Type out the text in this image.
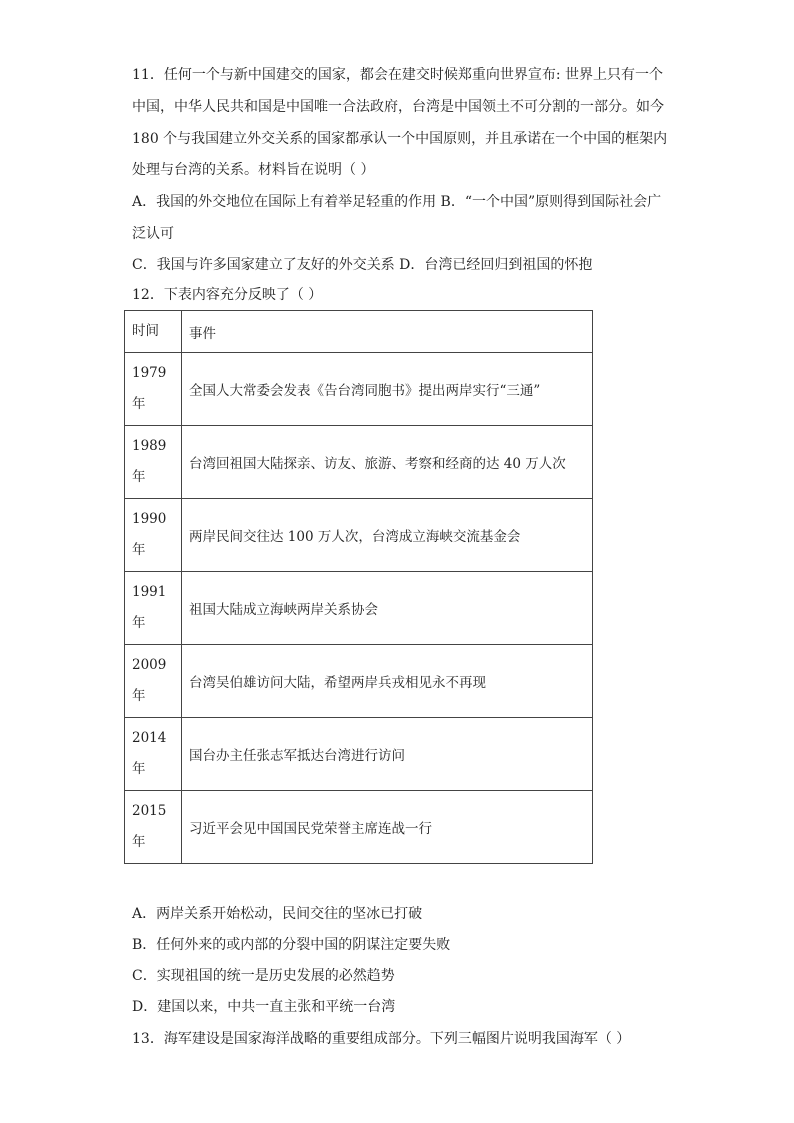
11．任何一个与新中国建交的国家，都会在建交时候郑重向世界宣布: 世界上只有一个
中国，中华人民共和国是中国唯一合法政府，台湾是中国领土不可分割的一部分。如今
180 个与我国建立外交关系的国家都承认一个中国原则，并且承诺在一个中国的框架内
处理与台湾的关系。材料旨在说明（ ）
A．我国的外交地位在国际上有着举足轻重的作用 B．“一个中国”原则得到国际社会广
泛认可
C．我国与许多国家建立了友好的外交关系 D．台湾已经回归到祖国的怀抱
12．下表内容充分反映了（ ）
时间	事件

1979
年	全国人大常委会发表《告台湾同胞书》提出两岸实行“三通”

1989
年	台湾回祖国大陆探亲、访友、旅游、考察和经商的达 40 万人次

1990
年	两岸民间交往达 100 万人次，台湾成立海峡交流基金会

1991
年	祖国大陆成立海峡两岸关系协会

2009
年	台湾吴伯雄访问大陆，希望两岸兵戎相见永不再现

2014
年	国台办主任张志军抵达台湾进行访问

2015
年	习近平会见中国国民党荣誉主席连战一行
A．两岸关系开始松动，民间交往的坚冰已打破
B．任何外来的或内部的分裂中国的阴谋注定要失败
C．实现祖国的统一是历史发展的必然趋势
D．建国以来，中共一直主张和平统一台湾
13．海军建设是国家海洋战略的重要组成部分。下列三幅图片说明我国海军（ ）
